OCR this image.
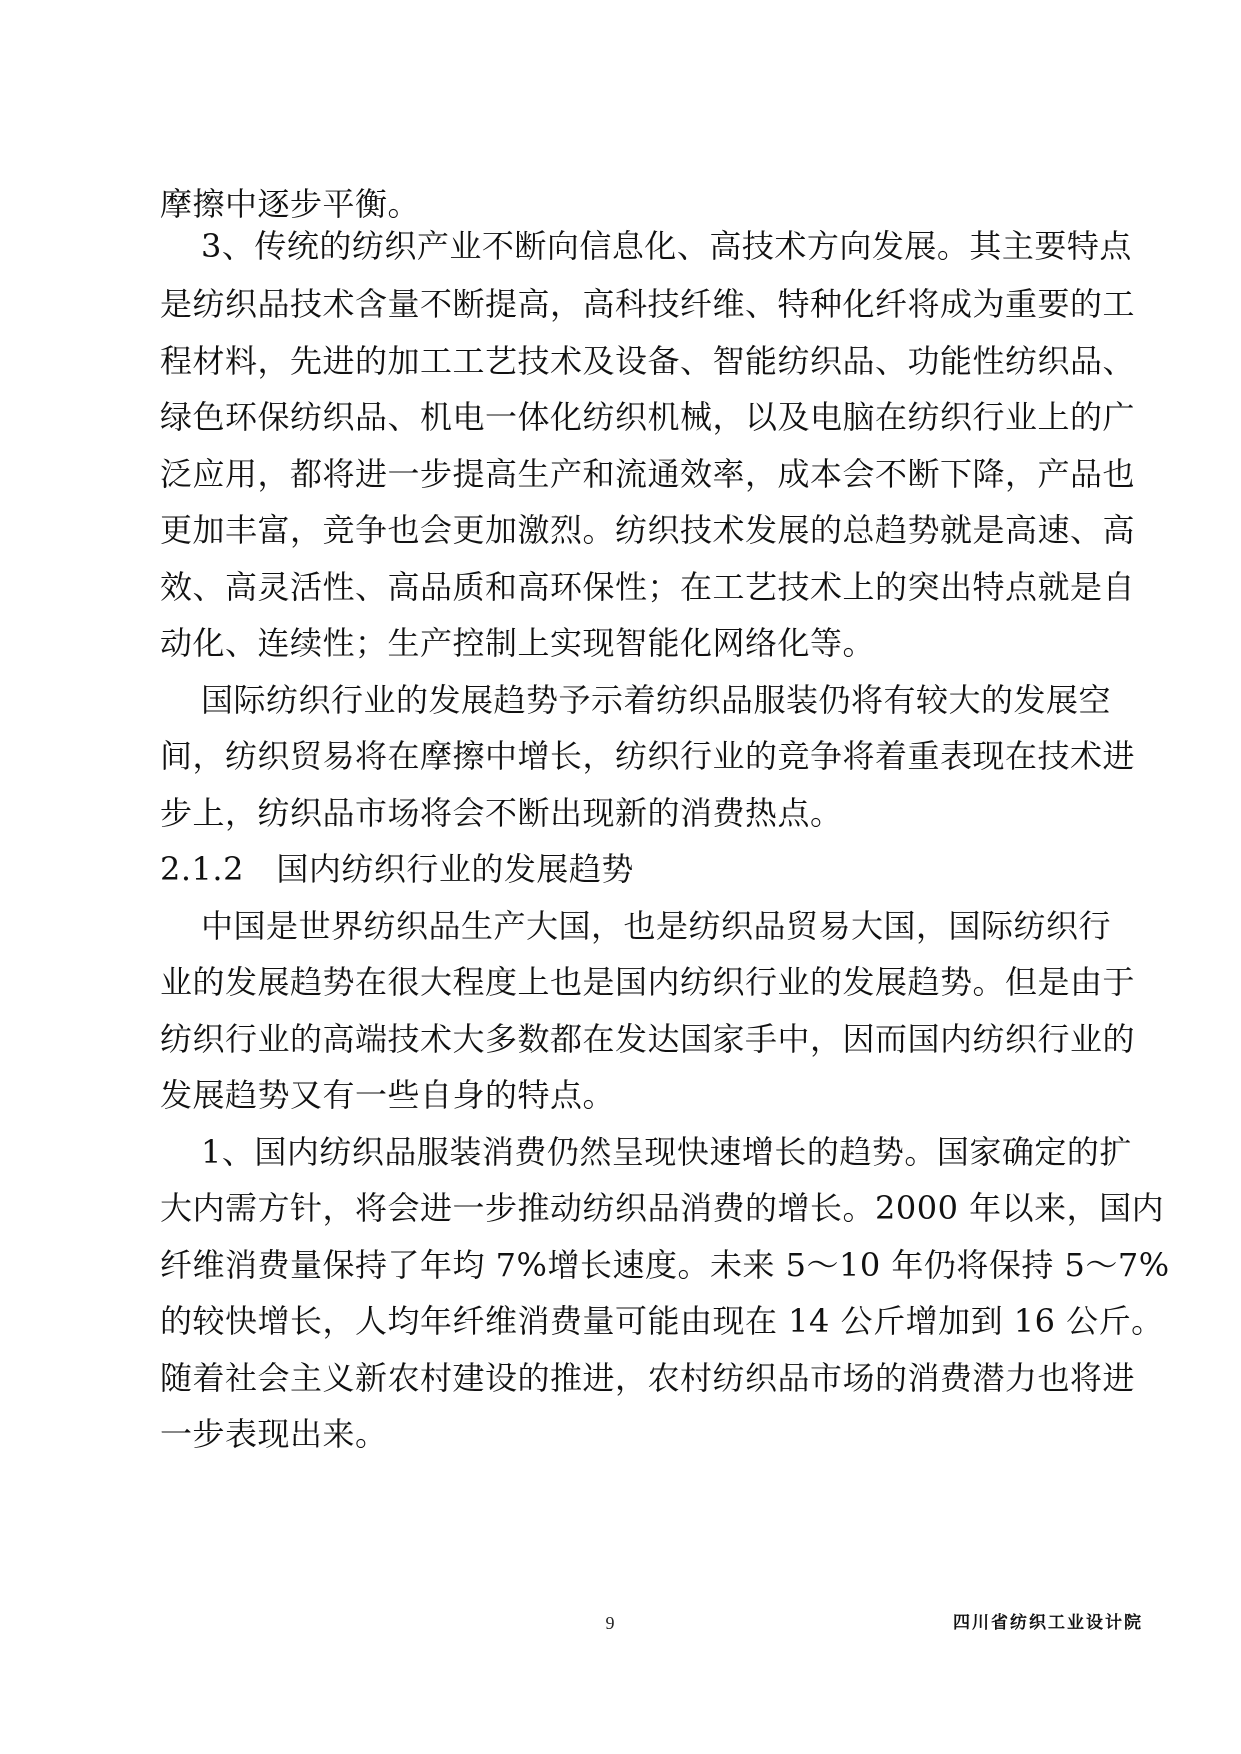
摩擦中逐步平衡。
3、传统的纺织产业不断向信息化、高技术方向发展。其主要特点
是纺织品技术含量不断提高，高科技纤维、特种化纤将成为重要的工
程材料，先进的加工工艺技术及设备、智能纺织品、功能性纺织品、
绿色环保纺织品、机电一体化纺织机械，以及电脑在纺织行业上的广
泛应用，都将进一步提高生产和流通效率，成本会不断下降，产品也
更加丰富，竞争也会更加激烈。纺织技术发展的总趋势就是高速、高
效、高灵活性、高品质和高环保性；在工艺技术上的突出特点就是自
动化、连续性；生产控制上实现智能化网络化等。
国际纺织行业的发展趋势予示着纺织品服装仍将有较大的发展空
间，纺织贸易将在摩擦中增长，纺织行业的竞争将着重表现在技术进
步上，纺织品市场将会不断出现新的消费热点。
2.1.2　国内纺织行业的发展趋势
中国是世界纺织品生产大国，也是纺织品贸易大国，国际纺织行
业的发展趋势在很大程度上也是国内纺织行业的发展趋势。但是由于
纺织行业的高端技术大多数都在发达国家手中，因而国内纺织行业的
发展趋势又有一些自身的特点。
1、国内纺织品服装消费仍然呈现快速增长的趋势。国家确定的扩
大内需方针，将会进一步推动纺织品消费的增长。2000 年以来，国内
纤维消费量保持了年均 7%增长速度。未来 5～10 年仍将保持 5～7%
的较快增长，人均年纤维消费量可能由现在 14 公斤增加到 16 公斤。
随着社会主义新农村建设的推进，农村纺织品市场的消费潜力也将进
一步表现出来。
9	四川省纺织工业设计院
